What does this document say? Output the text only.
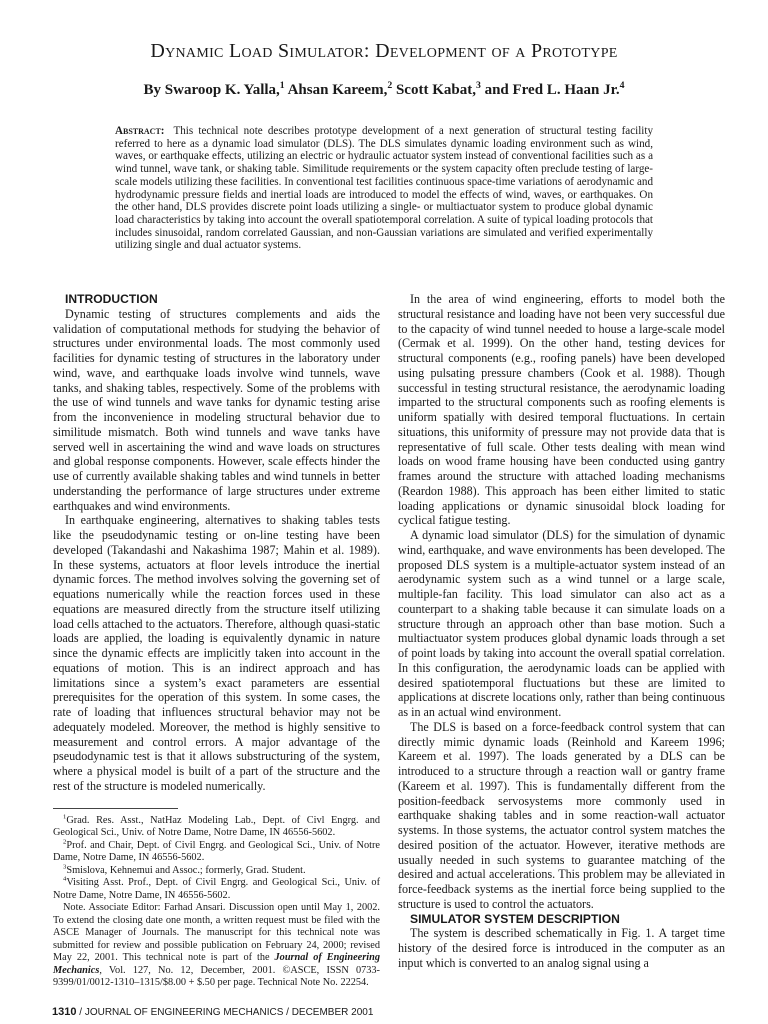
Dynamic Load Simulator: Development of a Prototype

By Swaroop K. Yalla,$^1$ Ahsan Kareem,$^2$ Scott Kabat,$^3$ and Fred L. Haan Jr.$^4$

Abstract: This technical note describes prototype development of a next generation of structural testing facility referred to here as a dynamic load simulator (DLS). The DLS simulates dynamic loading environment such as wind, waves, or earthquake effects, utilizing an electric or hydraulic actuator system instead of conventional facilities such as a wind tunnel, wave tank, or shaking table. Similitude requirements or the system capacity often preclude testing of large-scale models utilizing these facilities. In conventional test facilities continuous space-time variations of aerodynamic and hydrodynamic pressure fields and inertial loads are introduced to model the effects of wind, waves, or earthquakes. On the other hand, DLS provides discrete point loads utilizing a single- or multiactuator system to produce global dynamic load characteristics by taking into account the overall spatiotemporal correlation. A suite of typical loading protocols that includes sinusoidal, random correlated Gaussian, and non-Gaussian variations are simulated and verified experimentally utilizing single and dual actuator systems.

INTRODUCTION

Dynamic testing of structures complements and aids the validation of computational methods for studying the behavior of structures under environmental loads. The most commonly used facilities for dynamic testing of structures in the laboratory under wind, wave, and earthquake loads involve wind tunnels, wave tanks, and shaking tables, respectively. Some of the problems with the use of wind tunnels and wave tanks for dynamic testing arise from the inconvenience in modeling structural behavior due to similitude mismatch. Both wind tunnels and wave tanks have served well in ascertaining the wind and wave loads on structures and global response components. However, scale effects hinder the use of currently available shaking tables and wind tunnels in better understanding the performance of large structures under extreme earthquakes and wind environments.

In earthquake engineering, alternatives to shaking tables tests like the pseudodynamic testing or on-line testing have been developed (Takandashi and Nakashima 1987; Mahin et al. 1989). In these systems, actuators at floor levels introduce the inertial dynamic forces. The method involves solving the governing set of equations numerically while the reaction forces used in these equations are measured directly from the structure itself utilizing load cells attached to the actuators. Therefore, although quasi-static loads are applied, the loading is equivalently dynamic in nature since the dynamic effects are implicitly taken into account in the equations of motion. This is an indirect approach and has limitations since a system’s exact parameters are essential prerequisites for the operation of this system. In some cases, the rate of loading that influences structural behavior may not be adequately modeled. Moreover, the method is highly sensitive to measurement and control errors. A major advantage of the pseudodynamic test is that it allows substructuring of the system, where a physical model is built of a part of the structure and the rest of the structure is modeled numerically.

$^1$Grad. Res. Asst., NatHaz Modeling Lab., Dept. of Civl Engrg. and Geological Sci., Univ. of Notre Dame, Notre Dame, IN 46556-5602.

$^2$Prof. and Chair, Dept. of Civil Engrg. and Geological Sci., Univ. of Notre Dame, Notre Dame, IN 46556-5602.

$^3$Smislova, Kehnemui and Assoc.; formerly, Grad. Student.

$^4$Visiting Asst. Prof., Dept. of Civil Engrg. and Geological Sci., Univ. of Notre Dame, Notre Dame, IN 46556-5602.

Note. Associate Editor: Farhad Ansari. Discussion open until May 1, 2002. To extend the closing date one month, a written request must be filed with the ASCE Manager of Journals. The manuscript for this technical note was submitted for review and possible publication on February 24, 2000; revised May 22, 2001. This technical note is part of the Journal of Engineering Mechanics, Vol. 127, No. 12, December, 2001. ©ASCE, ISSN 0733-9399/01/0012-1310–1315/$8.00 + $.50 per page. Technical Note No. 22254.

In the area of wind engineering, efforts to model both the structural resistance and loading have not been very successful due to the capacity of wind tunnel needed to house a large-scale model (Cermak et al. 1999). On the other hand, testing devices for structural components (e.g., roofing panels) have been developed using pulsating pressure chambers (Cook et al. 1988). Though successful in testing structural resistance, the aerodynamic loading imparted to the structural components such as roofing elements is uniform spatially with desired temporal fluctuations. In certain situations, this uniformity of pressure may not provide data that is representative of full scale. Other tests dealing with mean wind loads on wood frame housing have been conducted using gantry frames around the structure with attached loading mechanisms (Reardon 1988). This approach has been either limited to static loading applications or dynamic sinusoidal block loading for cyclical fatigue testing.

A dynamic load simulator (DLS) for the simulation of dynamic wind, earthquake, and wave environments has been developed. The proposed DLS system is a multiple-actuator system instead of an aerodynamic system such as a wind tunnel or a large scale, multiple-fan facility. This load simulator can also act as a counterpart to a shaking table because it can simulate loads on a structure through an approach other than base motion. Such a multiactuator system produces global dynamic loads through a set of point loads by taking into account the overall spatial correlation. In this configuration, the aerodynamic loads can be applied with desired spatiotemporal fluctuations but these are limited to applications at discrete locations only, rather than being continuous as in an actual wind environment.

The DLS is based on a force-feedback control system that can directly mimic dynamic loads (Reinhold and Kareem 1996; Kareem et al. 1997). The loads generated by a DLS can be introduced to a structure through a reaction wall or gantry frame (Kareem et al. 1997). This is fundamentally different from the position-feedback servosystems more commonly used in earthquake shaking tables and in some reaction-wall actuator systems. In those systems, the actuator control system matches the desired position of the actuator. However, iterative methods are usually needed in such systems to guarantee matching of the desired and actual accelerations. This problem may be alleviated in force-feedback systems as the inertial force being supplied to the structure is used to control the actuators.

SIMULATOR SYSTEM DESCRIPTION

The system is described schematically in Fig. 1. A target time history of the desired force is introduced in the computer as an input which is converted to an analog signal using a

1310 / JOURNAL OF ENGINEERING MECHANICS / DECEMBER 2001
